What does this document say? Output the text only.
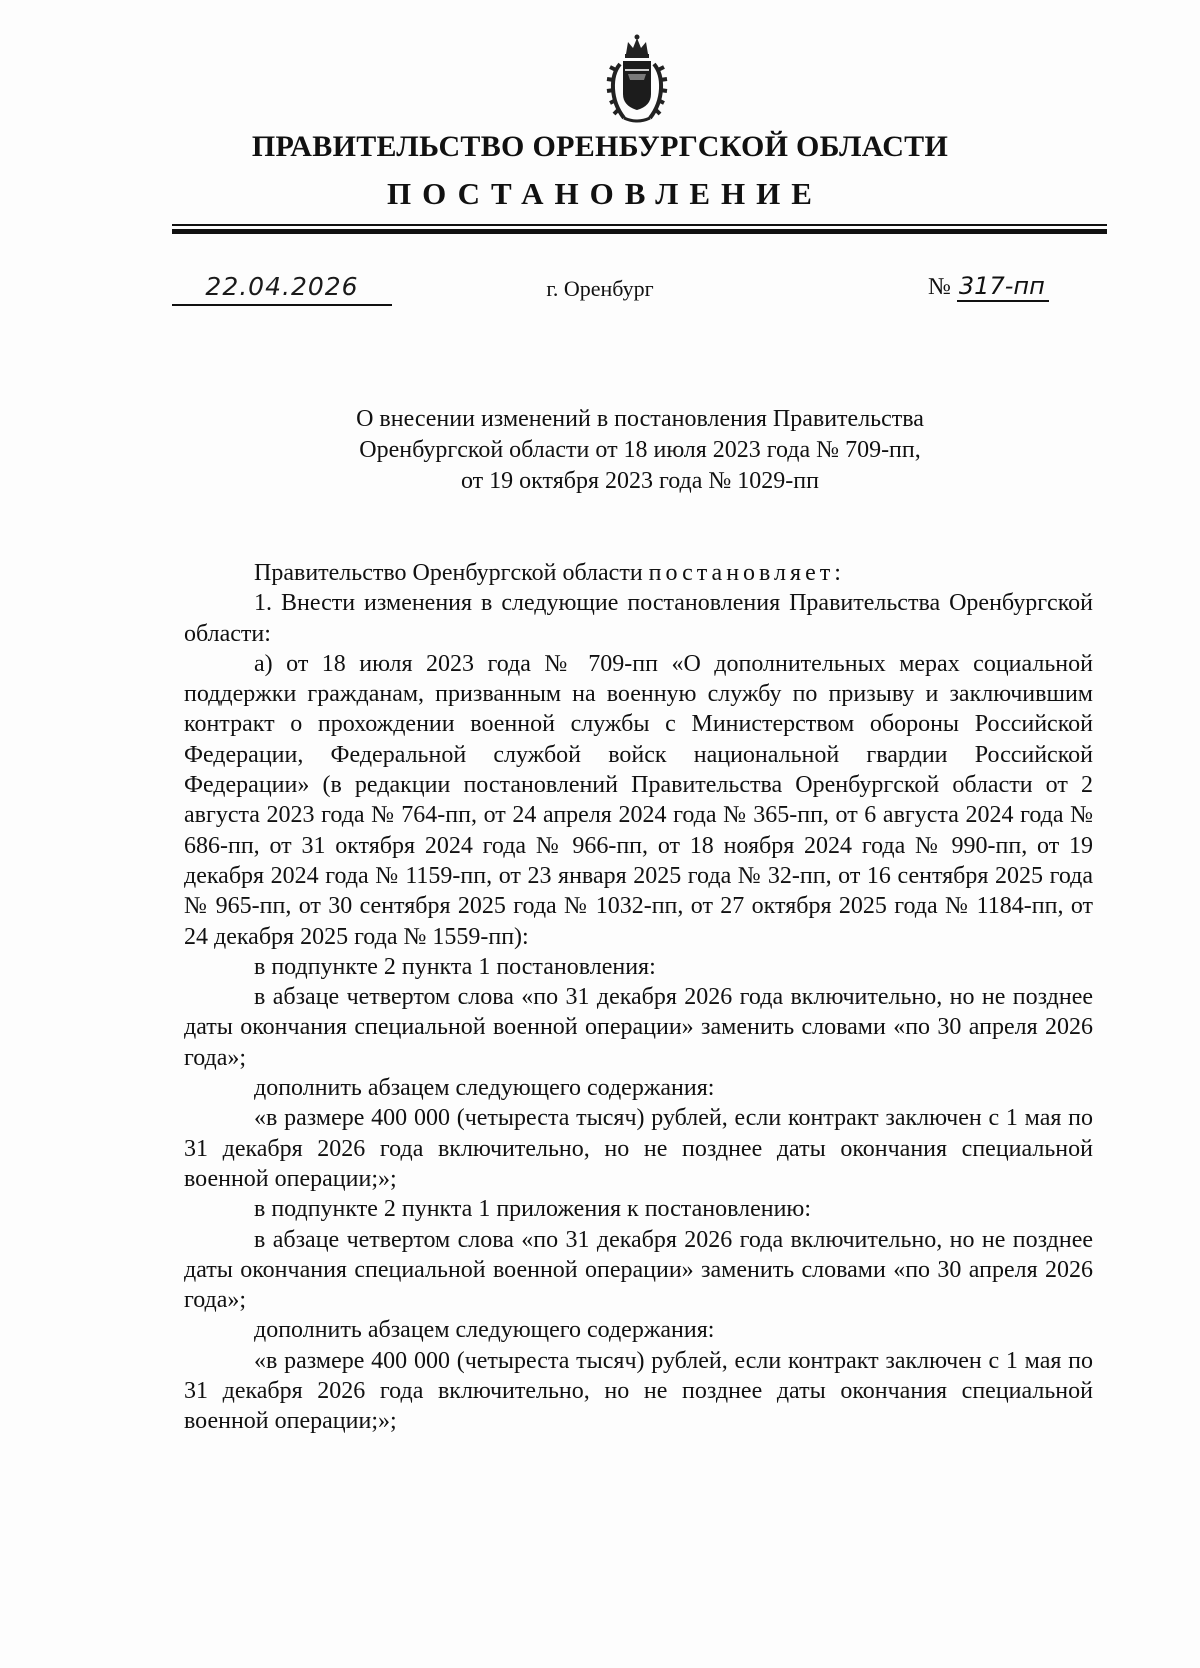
ПРАВИТЕЛЬСТВО ОРЕНБУРГСКОЙ ОБЛАСТИ
ПОСТАНОВЛЕНИЕ
22.04.2026	г. Оренбург	№ 317-пп
О внесении изменений в постановления Правительства
Оренбургской области от 18 июля 2023 года № 709-пп,
от 19 октября 2023 года № 1029-пп

Правительство Оренбургской области постановляет:

1. Внести изменения в следующие постановления Правительства Оренбургской области:

а) от 18 июля 2023 года № 709-пп «О дополнительных мерах социальной поддержки гражданам, призванным на военную службу по призыву и заключившим контракт о прохождении военной службы с Министерством обороны Российской Федерации, Федеральной службой войск национальной гвардии Российской Федерации» (в редакции постановлений Правительства Оренбургской области от 2 августа 2023 года № 764-пп, от 24 апреля 2024 года № 365-пп, от 6 августа 2024 года № 686-пп, от 31 октября 2024 года № 966-пп, от 18 ноября 2024 года № 990-пп, от 19 декабря 2024 года № 1159-пп, от 23 января 2025 года № 32-пп, от 16 сентября 2025 года № 965-пп, от 30 сентября 2025 года № 1032-пп, от 27 октября 2025 года № 1184-пп, от 24 декабря 2025 года № 1559-пп):

в подпункте 2 пункта 1 постановления:

в абзаце четвертом слова «по 31 декабря 2026 года включительно, но не позднее даты окончания специальной военной операции» заменить словами «по 30 апреля 2026 года»;

дополнить абзацем следующего содержания:

«в размере 400 000 (четыреста тысяч) рублей, если контракт заключен с 1 мая по 31 декабря 2026 года включительно, но не позднее даты окончания специальной военной операции;»;

в подпункте 2 пункта 1 приложения к постановлению:

в абзаце четвертом слова «по 31 декабря 2026 года включительно, но не позднее даты окончания специальной военной операции» заменить словами «по 30 апреля 2026 года»;

дополнить абзацем следующего содержания:

«в размере 400 000 (четыреста тысяч) рублей, если контракт заключен с 1 мая по 31 декабря 2026 года включительно, но не позднее даты окончания специальной военной операции;»;
